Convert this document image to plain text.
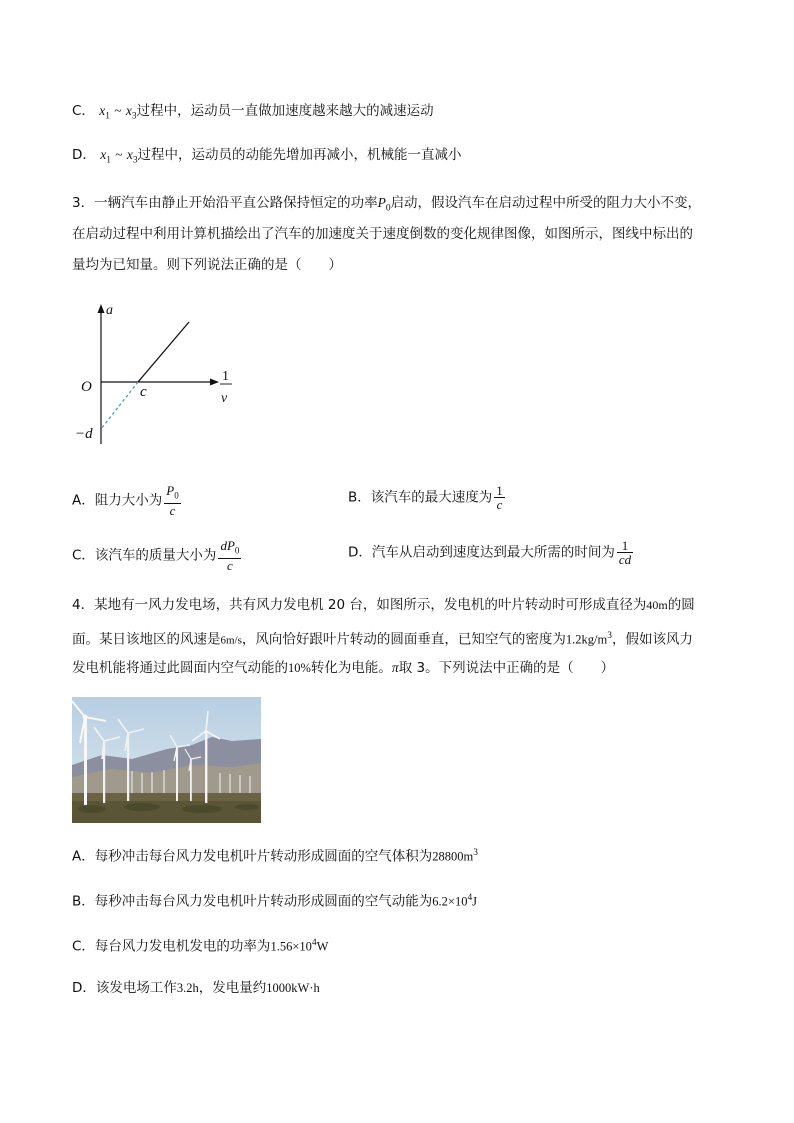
C． $x_1$ ~ $x_3$过程中，运动员一直做加速度越来越大的减速运动
D． $x_1$ ~ $x_3$过程中，运动员的动能先增加再减小，机械能一直减小
3．一辆汽车由静止开始沿平直公路保持恒定的功率$P_0$启动，假设汽车在启动过程中所受的阻力大小不变，
在启动过程中利用计算机描绘出了汽车的加速度关于速度倒数的变化规律图像，如图所示，图线中标出的
量均为已知量。则下列说法正确的是（　　）
a
O	c
−d
1
v
A．阻力大小为 $\frac{P_0}{c}$	B．该汽车的最大速度为 $\frac{1}{c}$
C．该汽车的质量大小为 $\frac{dP_0}{c}$	D．汽车从启动到速度达到最大所需的时间为 $\frac{1}{cd}$
4．某地有一风力发电场，共有风力发电机 20 台，如图所示，发电机的叶片转动时可形成直径为40m的圆
面。某日该地区的风速是6m/s，风向恰好跟叶片转动的圆面垂直，已知空气的密度为$1.2kg/m^3$，假如该风力
发电机能将通过此圆面内空气动能的10%转化为电能。π取 3。下列说法中正确的是（　　）
A．每秒冲击每台风力发电机叶片转动形成圆面的空气体积为$28800m^3$
B．每秒冲击每台风力发电机叶片转动形成圆面的空气动能为$6.2\times 10^4J$
C．每台风力发电机发电的功率为$1.56\times 10^4W$
D．该发电场工作3.2h，发电量约1000kW·h
